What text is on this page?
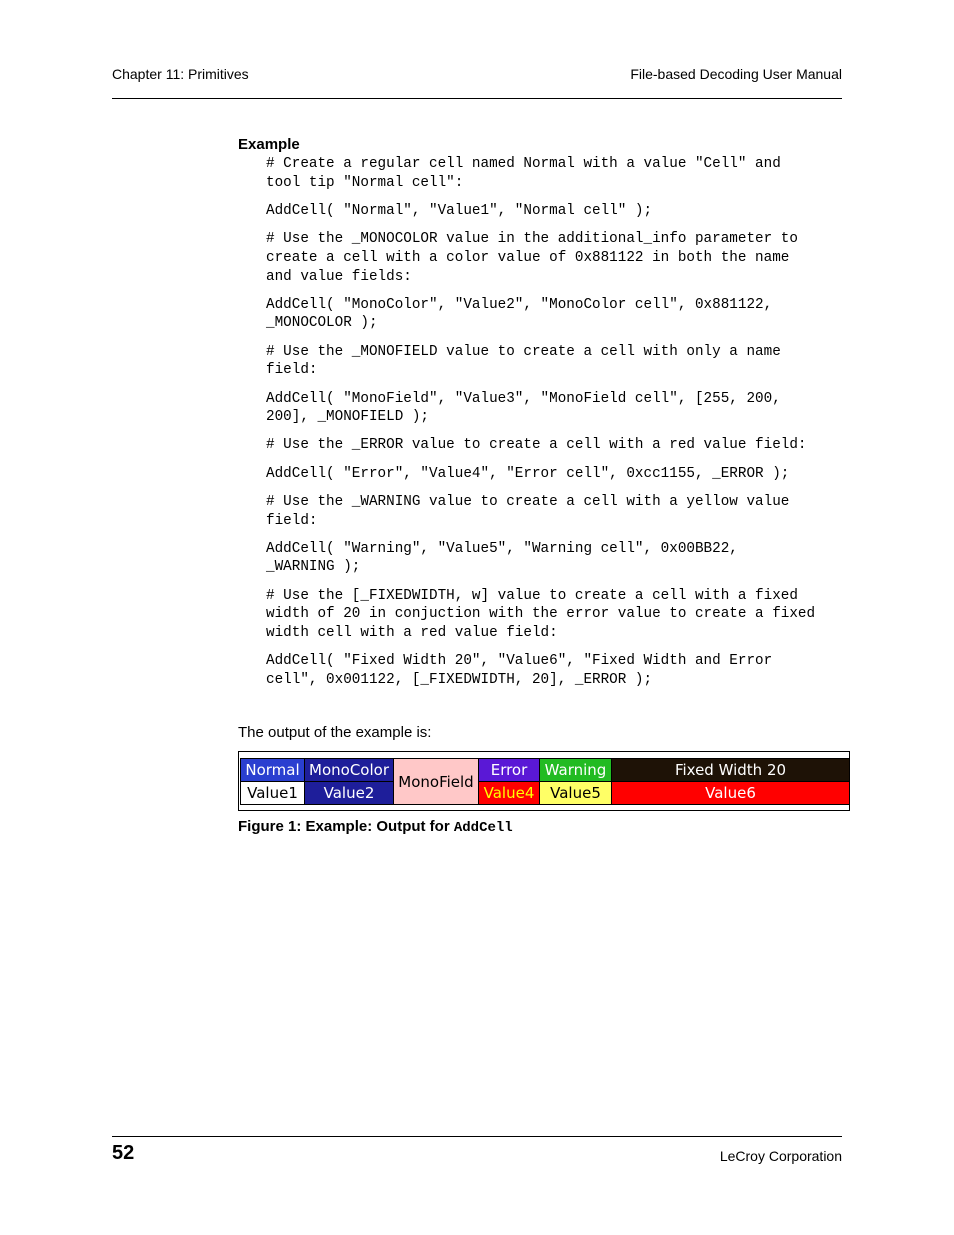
Chapter 11: Primitives	File-based Decoding User Manual
Example
# Create a regular cell named Normal with a value "Cell" and
tool tip "Normal cell":
AddCell( "Normal", "Value1", "Normal cell" );
# Use the _MONOCOLOR value in the additional_info parameter to
create a cell with a color value of 0x881122 in both the name
and value fields:
AddCell( "MonoColor", "Value2", "MonoColor cell", 0x881122,
_MONOCOLOR );
# Use the _MONOFIELD value to create a cell with only a name
field:
AddCell( "MonoField", "Value3", "MonoField cell", [255, 200,
200], _MONOFIELD );
# Use the _ERROR value to create a cell with a red value field:
AddCell( "Error", "Value4", "Error cell", 0xcc1155, _ERROR );
# Use the _WARNING value to create a cell with a yellow value
field:
AddCell( "Warning", "Value5", "Warning cell", 0x00BB22,
_WARNING );
# Use the [_FIXEDWIDTH, w] value to create a cell with a fixed
width of 20 in conjuction with the error value to create a fixed
width cell with a red value field:
AddCell( "Fixed Width 20", "Value6", "Fixed Width and Error
cell", 0x001122, [_FIXEDWIDTH, 20], _ERROR );
The output of the example is:
Normal	MonoColor	MonoField	Error	Warning	Fixed Width 20
Value1	Value2		Value4	Value5	Value6
Figure 1: Example: Output for AddCell
52	LeCroy Corporation
